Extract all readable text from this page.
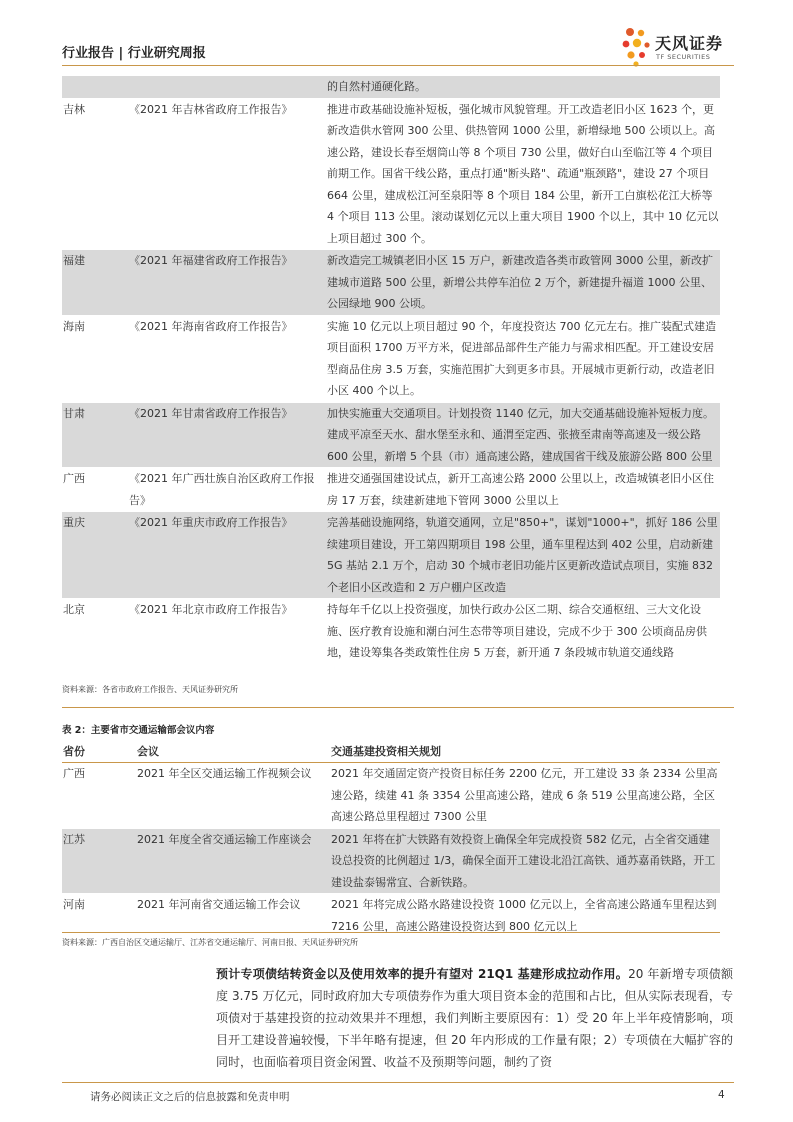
行业报告 | 行业研究周报
天风证券
TF SECURITIES
		的自然村通硬化路。
吉林	《2021 年吉林省政府工作报告》	推进市政基础设施补短板，强化城市风貌管理。开工改造老旧小区 1623 个，更新改造供水管网 300 公里、供热管网 1000 公里，新增绿地 500 公顷以上。高速公路，建设长春至烟筒山等 8 个项目 730 公里，做好白山至临江等 4 个项目前期工作。国省干线公路，重点打通"断头路"、疏通"瓶颈路"，建设 27 个项目 664 公里，建成松江河至泉阳等 8 个项目 184 公里，新开工白旗松花江大桥等 4 个项目 113 公里。滚动谋划亿元以上重大项目 1900 个以上，其中 10 亿元以上项目超过 300 个。
福建	《2021 年福建省政府工作报告》	新改造完工城镇老旧小区 15 万户，新建改造各类市政管网 3000 公里，新改扩建城市道路 500 公里，新增公共停车泊位 2 万个，新建提升福道 1000 公里、公园绿地 900 公顷。
海南	《2021 年海南省政府工作报告》	实施 10 亿元以上项目超过 90 个，年度投资达 700 亿元左右。推广装配式建造项目面积 1700 万平方米，促进部品部件生产能力与需求相匹配。开工建设安居型商品住房 3.5 万套，实施范围扩大到更多市县。开展城市更新行动，改造老旧小区 400 个以上。
甘肃	《2021 年甘肃省政府工作报告》	加快实施重大交通项目。计划投资 1140 亿元，加大交通基础设施补短板力度。建成平凉至天水、甜水堡至永和、通渭至定西、张掖至肃南等高速及一级公路 600 公里，新增 5 个县（市）通高速公路，建成国省干线及旅游公路 800 公里
广西	《2021 年广西壮族自治区政府工作报告》	推进交通强国建设试点，新开工高速公路 2000 公里以上，改造城镇老旧小区住房 17 万套，续建新建地下管网 3000 公里以上
重庆	《2021 年重庆市政府工作报告》	完善基础设施网络，轨道交通网，立足"850+"，谋划"1000+"，抓好 186 公里续建项目建设，开工第四期项目 198 公里，通车里程达到 402 公里，启动新建 5G 基站 2.1 万个，启动 30 个城市老旧功能片区更新改造试点项目，实施 832 个老旧小区改造和 2 万户棚户区改造
北京	《2021 年北京市政府工作报告》	持每年千亿以上投资强度，加快行政办公区二期、综合交通枢纽、三大文化设施、医疗教育设施和潮白河生态带等项目建设，完成不少于 300 公顷商品房供地，建设筹集各类政策性住房 5 万套，新开通 7 条段城市轨道交通线路
资料来源：各省市政府工作报告、天风证券研究所
表 2：主要省市交通运输部会议内容
省份	会议	交通基建投资相关规划
广西	2021 年全区交通运输工作视频会议	2021 年交通固定资产投资目标任务 2200 亿元，开工建设 33 条 2334 公里高速公路，续建 41 条 3354 公里高速公路，建成 6 条 519 公里高速公路，全区高速公路总里程超过 7300 公里
江苏	2021 年度全省交通运输工作座谈会	2021 年将在扩大铁路有效投资上确保全年完成投资 582 亿元，占全省交通建设总投资的比例超过 1/3，确保全面开工建设北沿江高铁、通苏嘉甬铁路，开工建设盐泰锡常宜、合新铁路。
河南	2021 年河南省交通运输工作会议	2021 年将完成公路水路建设投资 1000 亿元以上，全省高速公路通车里程达到 7216 公里，高速公路建设投资达到 800 亿元以上
资料来源：广西自治区交通运输厅、江苏省交通运输厅、河南日报、天风证券研究所
预计专项债结转资金以及使用效率的提升有望对 21Q1 基建形成拉动作用。20 年新增专项债额度 3.75 万亿元，同时政府加大专项债券作为重大项目资本金的范围和占比，但从实际表现看，专项债对于基建投资的拉动效果并不理想，我们判断主要原因有：1）受 20 年上半年疫情影响，项目开工建设普遍较慢，下半年略有提速，但 20 年内形成的工作量有限；2）专项债在大幅扩容的同时，也面临着项目资金闲置、收益不及预期等问题，制约了资
请务必阅读正文之后的信息披露和免责申明	4
